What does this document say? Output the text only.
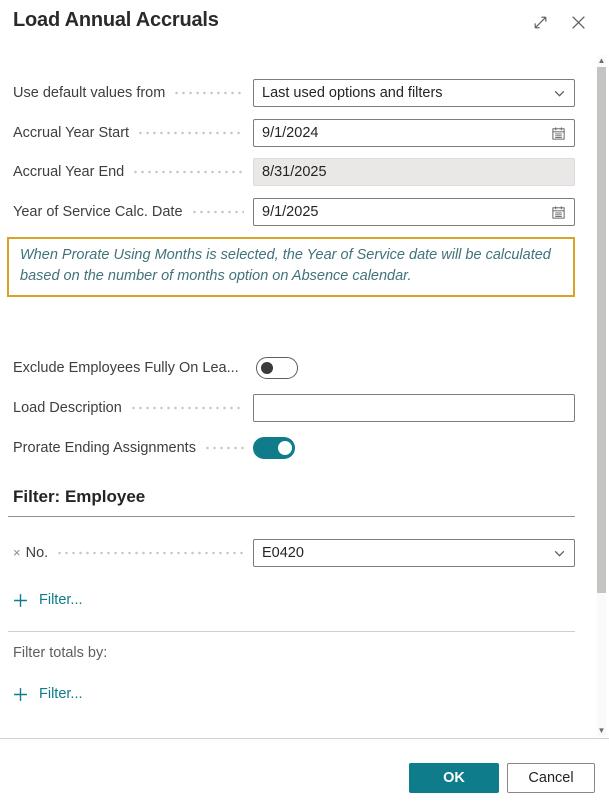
Load Annual Accruals
Use default values from	Last used options and filters
Accrual Year Start	9/1/2024
Accrual Year End	8/31/2025
Year of Service Calc. Date	9/1/2025
When Prorate Using Months is selected, the Year of Service date will be calculated based on the number of months option on Absence calendar.
Exclude Employees Fully On Lea...
Load Description
Prorate Ending Assignments
Filter: Employee
× No.	E0420
Filter...
Filter totals by:
Filter...
OK	Cancel
▲
▼
